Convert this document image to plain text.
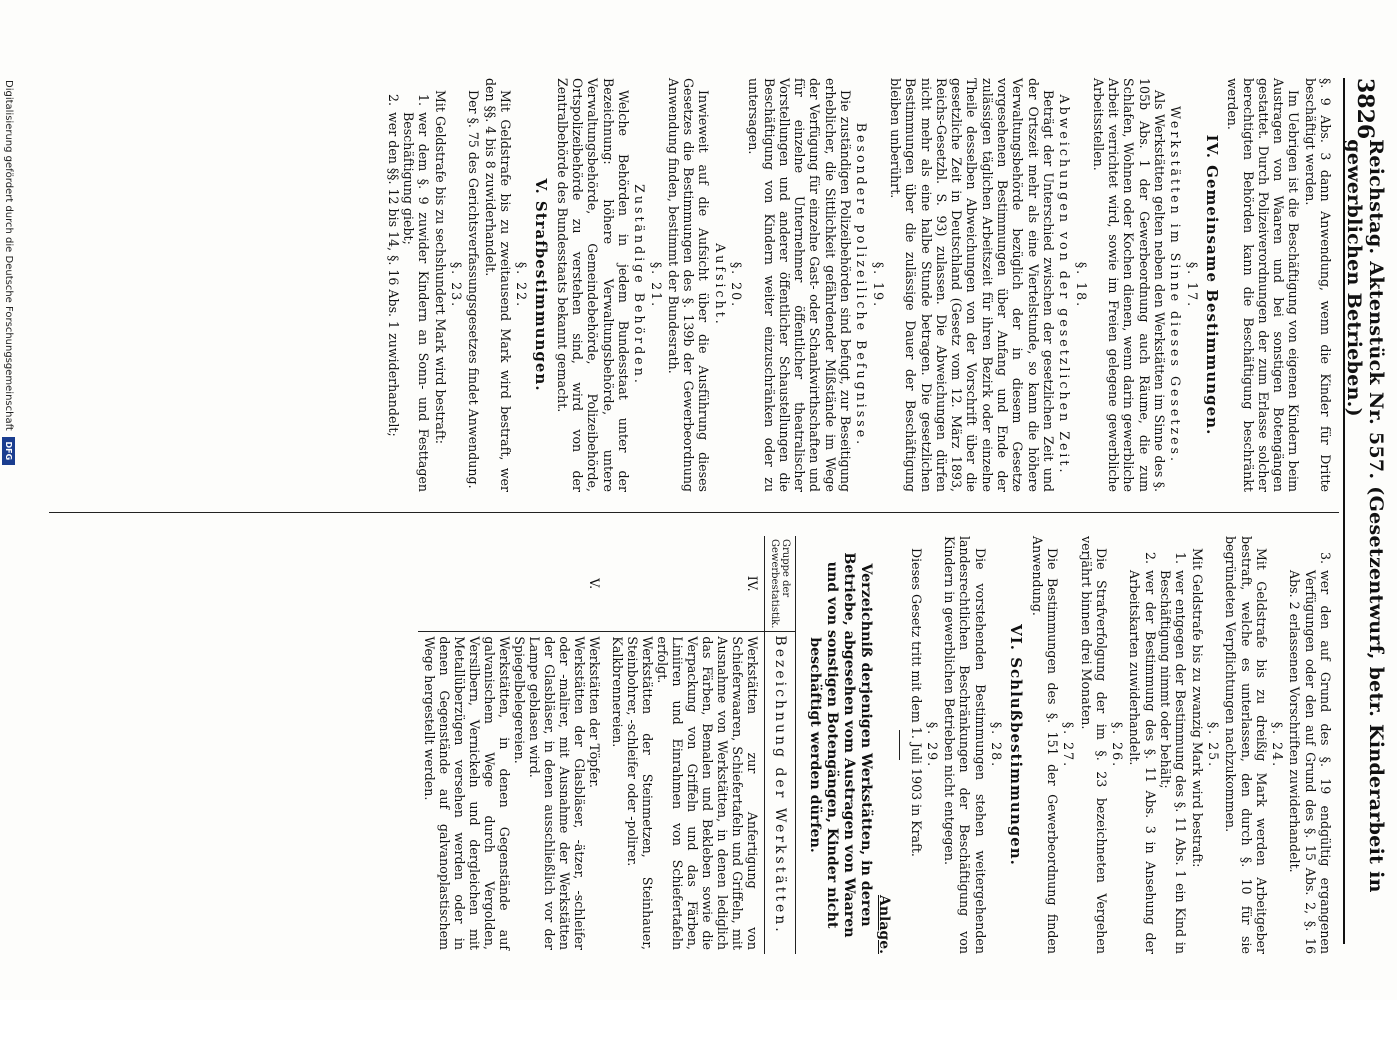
3826
Reichstag. Aktenstück Nr. 557. (Gesetzentwurf, betr. Kinderarbeit in gewerblichen Betrieben.)

§. 9 Abs. 3 dann Anwendung, wenn die Kinder für Dritte beschäftigt werden.

Im Uebrigen ist die Beschäftigung von eigenen Kindern beim Austragen von Waaren und bei sonstigen Botengängen gestattet. Durch Polizeiverordnungen der zum Erlasse solcher berechtigten Behörden kann die Beschäftigung beschränkt werden.

IV. Gemeinsame Bestimmungen.
§. 17.
Werkstätten im Sinne dieses Gesetzes.

Als Werkstätten gelten neben den Werkstätten im Sinne des §. 105b Abs. 1 der Gewerbeordnung auch Räume, die zum Schlafen, Wohnen oder Kochen dienen, wenn darin gewerbliche Arbeit verrichtet wird, sowie im Freien gelegene gewerbliche Arbeitsstellen.

§. 18.
Abweichungen von der gesetzlichen Zeit.

Beträgt der Unterschied zwischen der gesetzlichen Zeit und der Ortszeit mehr als eine Viertelstunde, so kann die höhere Verwaltungsbehörde bezüglich der in diesem Gesetze vorgesehenen Bestimmungen über Anfang und Ende der zulässigen täglichen Arbeitszeit für ihren Bezirk oder einzelne Theile desselben Abweichungen von der Vorschrift über die gesetzliche Zeit in Deutschland (Gesetz vom 12. März 1893, Reichs-Gesetzbl. S. 93) zulassen. Die Abweichungen dürfen nicht mehr als eine halbe Stunde betragen. Die gesetzlichen Bestimmungen über die zulässige Dauer der Beschäftigung bleiben unberührt.

§. 19.
Besondere polizeiliche Befugnisse.

Die zuständigen Polizeibehörden sind befugt, zur Beseitigung erheblicher, die Sittlichkeit gefährdender Mißstände im Wege der Verfügung für einzelne Gast- oder Schankwirthschaften und für einzelne Unternehmer öffentlicher theatralischer Vorstellungen und anderer öffentlicher Schaustellungen die Beschäftigung von Kindern weiter einzuschränken oder zu untersagen.

§. 20.
Aufsicht.

Inwieweit auf die Aufsicht über die Ausführung dieses Gesetzes die Bestimmungen des §. 139b der Gewerbeordnung Anwendung finden, bestimmt der Bundesrath.

§. 21.
Zuständige Behörden.

Welche Behörden in jedem Bundesstaat unter der Bezeichnung: höhere Verwaltungsbehörde, untere Verwaltungsbehörde, Gemeindebehörde, Polizeibehörde, Ortspolizeibehörde zu verstehen sind, wird von der Zentralbehörde des Bundesstaats bekannt gemacht.

V. Strafbestimmungen.
§. 22.

Mit Geldstrafe bis zu zweitausend Mark wird bestraft, wer den §§. 4 bis 8 zuwiderhandelt.

Der §. 75 des Gerichtsverfassungsgesetzes findet Anwendung.

§. 23.

Mit Geldstrafe bis zu sechshundert Mark wird bestraft:

1.
wer dem §. 9 zuwider Kindern an Sonn- und Festtagen Beschäftigung giebt;
2.
wer den §§. 12 bis 14, §. 16 Abs. 1 zuwiderhandelt;
3.
wer den auf Grund des §. 19 endgültig ergangenen Verfügungen oder den auf Grund des §. 15 Abs. 2, §. 16 Abs. 2 erlassenen Vorschriften zuwiderhandelt.
§. 24.

Mit Geldstrafe bis zu dreißig Mark werden Arbeitgeber bestraft, welche es unterlassen, den durch §. 10 für sie begründeten Verpflichtungen nachzukommen.

§. 25.

Mit Geldstrafe bis zu zwanzig Mark wird bestraft:

1.
wer entgegen der Bestimmung des §. 11 Abs. 1 ein Kind in Beschäftigung nimmt oder behält;
2.
wer der Bestimmung des §. 11 Abs. 3 in Ansehung der Arbeitskarten zuwiderhandelt.
§. 26.

Die Strafverfolgung der im §. 23 bezeichneten Vergehen verjährt binnen drei Monaten.

§. 27.

Die Bestimmungen des §. 151 der Gewerbeordnung finden Anwendung.

VI. Schlußbestimmungen.
§. 28.

Die vorstehenden Bestimmungen stehen weitergehenden landesrechtlichen Beschränkungen der Beschäftigung von Kindern in gewerblichen Betrieben nicht entgegen.

§. 29.

Dieses Gesetz tritt mit dem 1. Juli 1903 in Kraft.

Anlage.
Verzeichniß derjenigen Werkstätten, in deren Betriebe, abgesehen vom Austragen von Waaren und von sonstigen Botengängen, Kinder nicht beschäftigt werden dürfen.
Gruppe der Gewerbestatistik.	Bezeichnung der Werkstätten.
IV.	Werkstätten zur Anfertigung von Schieferwaaren, Schiefertafeln und Griffeln, mit Ausnahme von Werkstätten, in denen lediglich das Färben, Bemalen und Bekleben sowie die Verpackung von Griffeln und das Färben, Liniiren und Einrahmen von Schiefertafeln erfolgt.

Werkstätten der Steinmetzen, Steinhauer, Steinbohrer, -schleifer oder -polirer.

Kalkbrennereien.

V.	Werkstätten der Töpfer.

Werkstätten der Glasbläser, -ätzer, -schleifer oder -malirer, mit Ausnahme der Werkstätten der Glasbläser, in denen ausschließlich vor der Lampe geblasen wird.

Spiegelbelegereien.

Werkstätten, in denen Gegenstände auf galvanischem Wege durch Vergolden, Versilbern, Vernickeln und dergleichen mit Metallüberzügen versehen werden oder in denen Gegenstände auf galvanoplastischem Wege hergestellt werden.

Digitalisierung gefördert durch die Deutsche Forschungsgemeinschaft
DFG
